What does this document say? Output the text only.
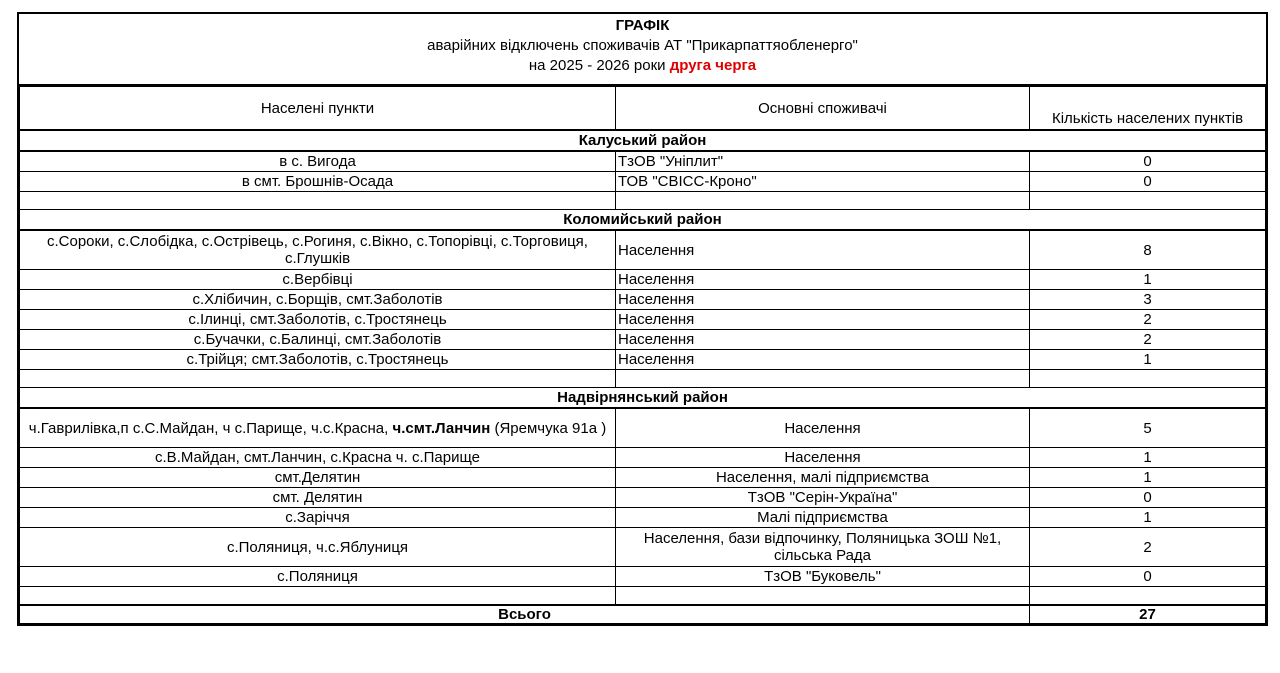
ГРАФІК
аварійних відключень споживачів АТ "Прикарпаттяобленерго"
на 2025 - 2026 роки друга черга
Населені пункти	Основні споживачі	Кількість населених пунктів
Калуський район		
в с. Вигода	ТзОВ "Уніплит"	0
в смт. Брошнів-Осада	ТОВ "СВІСС-Кроно"	0

Коломийський район		
с.Сороки, с.Слобідка, с.Острівець, с.Рогиня, с.Вікно, с.Топорівці, с.Торговиця, с.Глушків	Населення	8
с.Вербівці	Населення	1
с.Хлібичин, с.Борщів, смт.Заболотів	Населення	3
с.Ілинці, смт.Заболотів, с.Тростянець	Населення	2
с.Бучачки, с.Балинці, смт.Заболотів	Населення	2
с.Трійця; смт.Заболотів, с.Тростянець	Населення	1

Надвірнянський район		
ч.Гаврилівка,п с.С.Майдан, ч с.Парище, ч.с.Красна, ч.смт.Ланчин (Яремчука 91а )	Населення	5
с.В.Майдан, смт.Ланчин, с.Красна ч. с.Парище	Населення	1
смт.Делятин	Населення, малі підприємства	1
смт. Делятин	ТзОВ "Серін-Україна"	0
с.Заріччя	Малі підприємства	1
с.Поляниця, ч.с.Яблуниця	Населення, бази відпочинку, Поляницька ЗОШ №1, сільська Рада	2
с.Поляниця	ТзОВ "Буковель"	0

Всього		27
